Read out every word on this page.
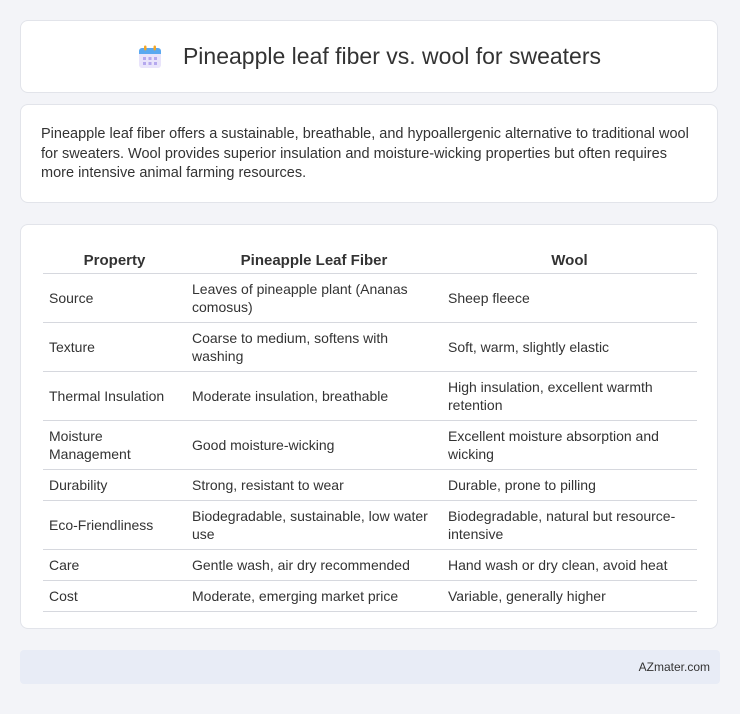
Pineapple leaf fiber vs. wool for sweaters
Pineapple leaf fiber offers a sustainable, breathable, and hypoallergenic alternative to traditional wool for sweaters. Wool provides superior insulation and moisture-wicking properties but often requires more intensive animal farming resources.
Property	Pineapple Leaf Fiber	Wool
Source	Leaves of pineapple plant (Ananas comosus)	Sheep fleece
Texture	Coarse to medium, softens with washing	Soft, warm, slightly elastic
Thermal Insulation	Moderate insulation, breathable	High insulation, excellent warmth retention
Moisture Management	Good moisture-wicking	Excellent moisture absorption and wicking
Durability	Strong, resistant to wear	Durable, prone to pilling
Eco-Friendliness	Biodegradable, sustainable, low water use	Biodegradable, natural but resource-intensive
Care	Gentle wash, air dry recommended	Hand wash or dry clean, avoid heat
Cost	Moderate, emerging market price	Variable, generally higher
AZmater.com
